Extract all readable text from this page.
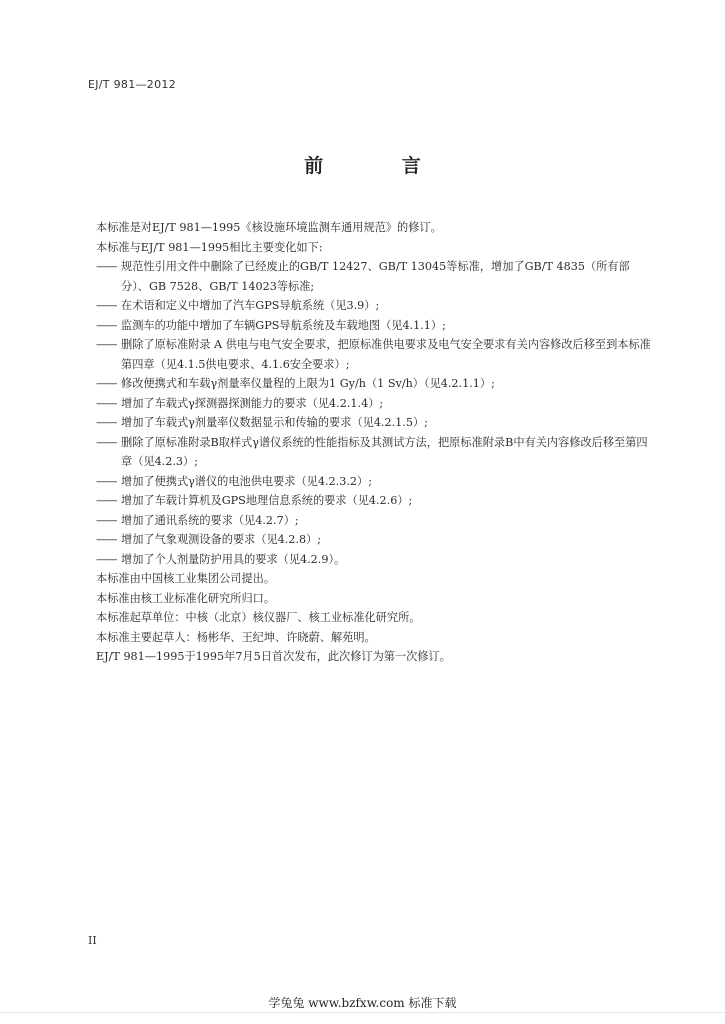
EJ/T 981—2012
前 言
本标准是对EJ/T 981—1995《核设施环境监测车通用规范》的修订。
本标准与EJ/T 981—1995相比主要变化如下:
—— 规范性引用文件中删除了已经废止的GB/T 12427、GB/T 13045等标准，增加了GB/T 4835（所有部分）、GB 7528、GB/T 14023等标准;
—— 在术语和定义中增加了汽车GPS导航系统（见3.9）;
—— 监测车的功能中增加了车辆GPS导航系统及车载地图（见4.1.1）;
—— 删除了原标准附录 A 供电与电气安全要求，把原标准供电要求及电气安全要求有关内容修改后移至到本标准第四章（见4.1.5供电要求、4.1.6安全要求）;
—— 修改便携式和车载γ剂量率仪量程的上限为1 Gy/h（1 Sv/h）（见4.2.1.1）;
—— 增加了车载式γ探测器探测能力的要求（见4.2.1.4）;
—— 增加了车载式γ剂量率仪数据显示和传输的要求（见4.2.1.5）;
—— 删除了原标准附录B取样式γ谱仪系统的性能指标及其测试方法，把原标准附录B中有关内容修改后移至第四章（见4.2.3）;
—— 增加了便携式γ谱仪的电池供电要求（见4.2.3.2）;
—— 增加了车载计算机及GPS地理信息系统的要求（见4.2.6）;
—— 增加了通讯系统的要求（见4.2.7）;
—— 增加了气象观测设备的要求（见4.2.8）;
—— 增加了个人剂量防护用具的要求（见4.2.9）。
本标准由中国核工业集团公司提出。
本标准由核工业标准化研究所归口。
本标准起草单位：中核（北京）核仪器厂、核工业标准化研究所。
本标准主要起草人：杨彬华、王纪坤、许晓蔚、解苑明。
EJ/T 981—1995于1995年7月5日首次发布，此次修订为第一次修订。
II
学兔兔 www.bzfxw.com 标准下载
